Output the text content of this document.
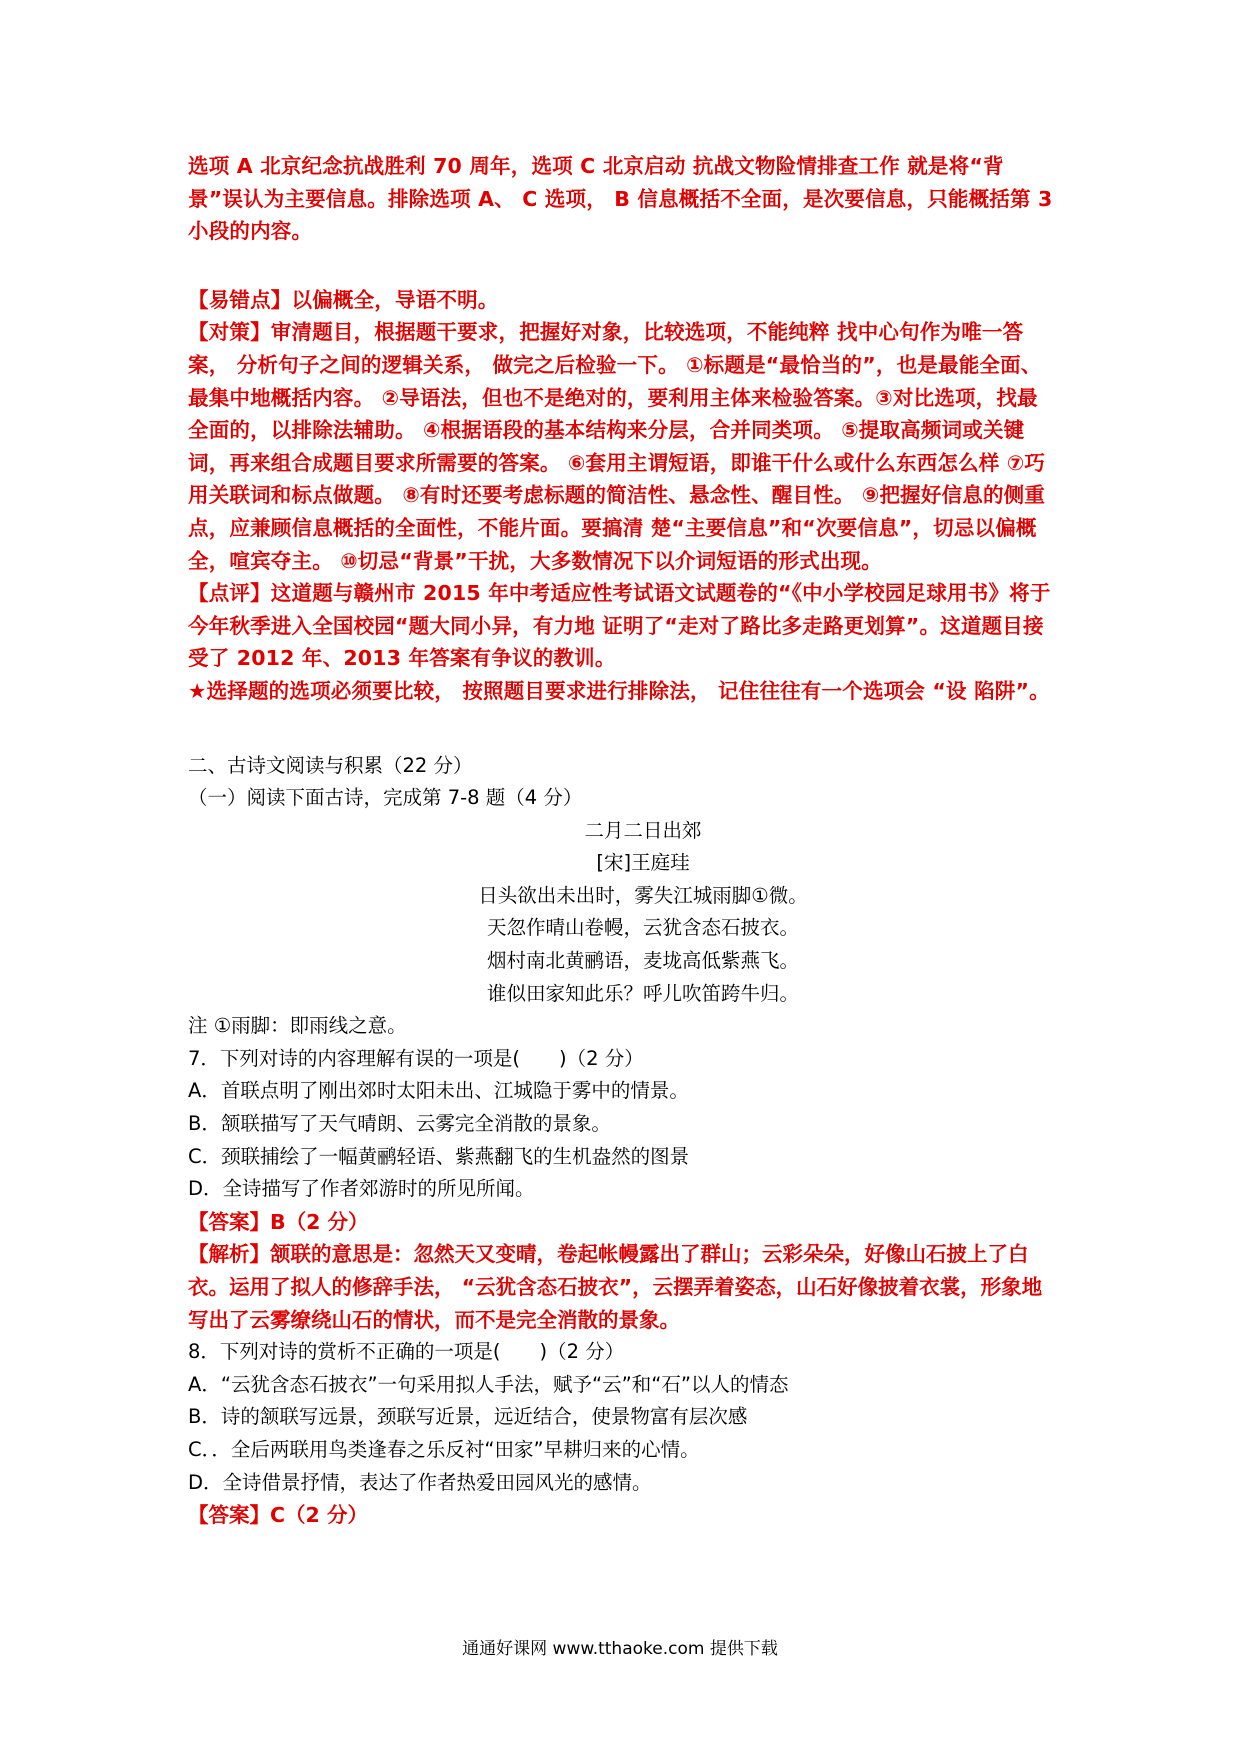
选项 A 北京纪念抗战胜利 70 周年，选项 C 北京启动 抗战文物险情排查工作 就是将“背景”误认为主要信息。排除选项 A、 C 选项， B 信息概括不全面，是次要信息，只能概括第 3 小段的内容。

【易错点】以偏概全，导语不明。

【对策】审清题目，根据题干要求，把握好对象，比较选项，不能纯粹 找中心句作为唯一答案， 分析句子之间的逻辑关系， 做完之后检验一下。 ①标题是“最恰当的”，也是最能全面、最集中地概括内容。 ②导语法，但也不是绝对的，要利用主体来检验答案。③对比选项，找最全面的，以排除法辅助。 ④根据语段的基本结构来分层，合并同类项。 ⑤提取高频词或关键词，再来组合成题目要求所需要的答案。 ⑥套用主谓短语，即谁干什么或什么东西怎么样 ⑦巧用关联词和标点做题。 ⑧有时还要考虑标题的简洁性、悬念性、醒目性。 ⑨把握好信息的侧重点，应兼顾信息概括的全面性，不能片面。要搞清 楚“主要信息”和“次要信息”，切忌以偏概全，喧宾夺主。 ⑩切忌“背景”干扰，大多数情况下以介词短语的形式出现。

【点评】这道题与赣州市 2015 年中考适应性考试语文试题卷的“《中小学校园足球用书》将于今年秋季进入全国校园“题大同小异，有力地 证明了“走对了路比多走路更划算”。这道题目接受了 2012 年、2013 年答案有争议的教训。

★选择题的选项必须要比较， 按照题目要求进行排除法， 记住往往有一个选项会 “设 陷阱”。

二、古诗文阅读与积累（22 分）

（一）阅读下面古诗，完成第 7-8 题（4 分）

二月二日出郊

[宋]王庭珪

日头欲出未出时，雾失江城雨脚①微。

天忽作晴山卷幔，云犹含态石披衣。

烟村南北黄鹂语，麦垅高低紫燕飞。

谁似田家知此乐？呼儿吹笛跨牛归。

注 ①雨脚：即雨线之意。

7．下列对诗的内容理解有误的一项是(　　)（2 分）

A．首联点明了刚出郊时太阳未出、江城隐于雾中的情景。

B．颔联描写了天气晴朗、云雾完全消散的景象。

C．颈联捕绘了一幅黄鹂轻语、紫燕翻飞的生机盎然的图景

D．全诗描写了作者郊游时的所见所闻。

【答案】B（2 分）

【解析】颔联的意思是：忽然天又变晴，卷起帐幔露出了群山；云彩朵朵，好像山石披上了白衣。运用了拟人的修辞手法， “云犹含态石披衣”，云摆弄着姿态，山石好像披着衣裳，形象地写出了云雾缭绕山石的情状，而不是完全消散的景象。

8．下列对诗的赏析不正确的一项是(　　)（2 分）

A．“云犹含态石披衣”一句采用拟人手法，赋予“云”和“石”以人的情态

B．诗的颔联写远景，颈联写近景，远近结合，使景物富有层次感

C．．全后两联用鸟类逢春之乐反衬“田家”早耕归来的心情。

D．全诗借景抒情，表达了作者热爱田园风光的感情。

【答案】C（2 分）

通通好课网 www.tthaoke.com 提供下载
